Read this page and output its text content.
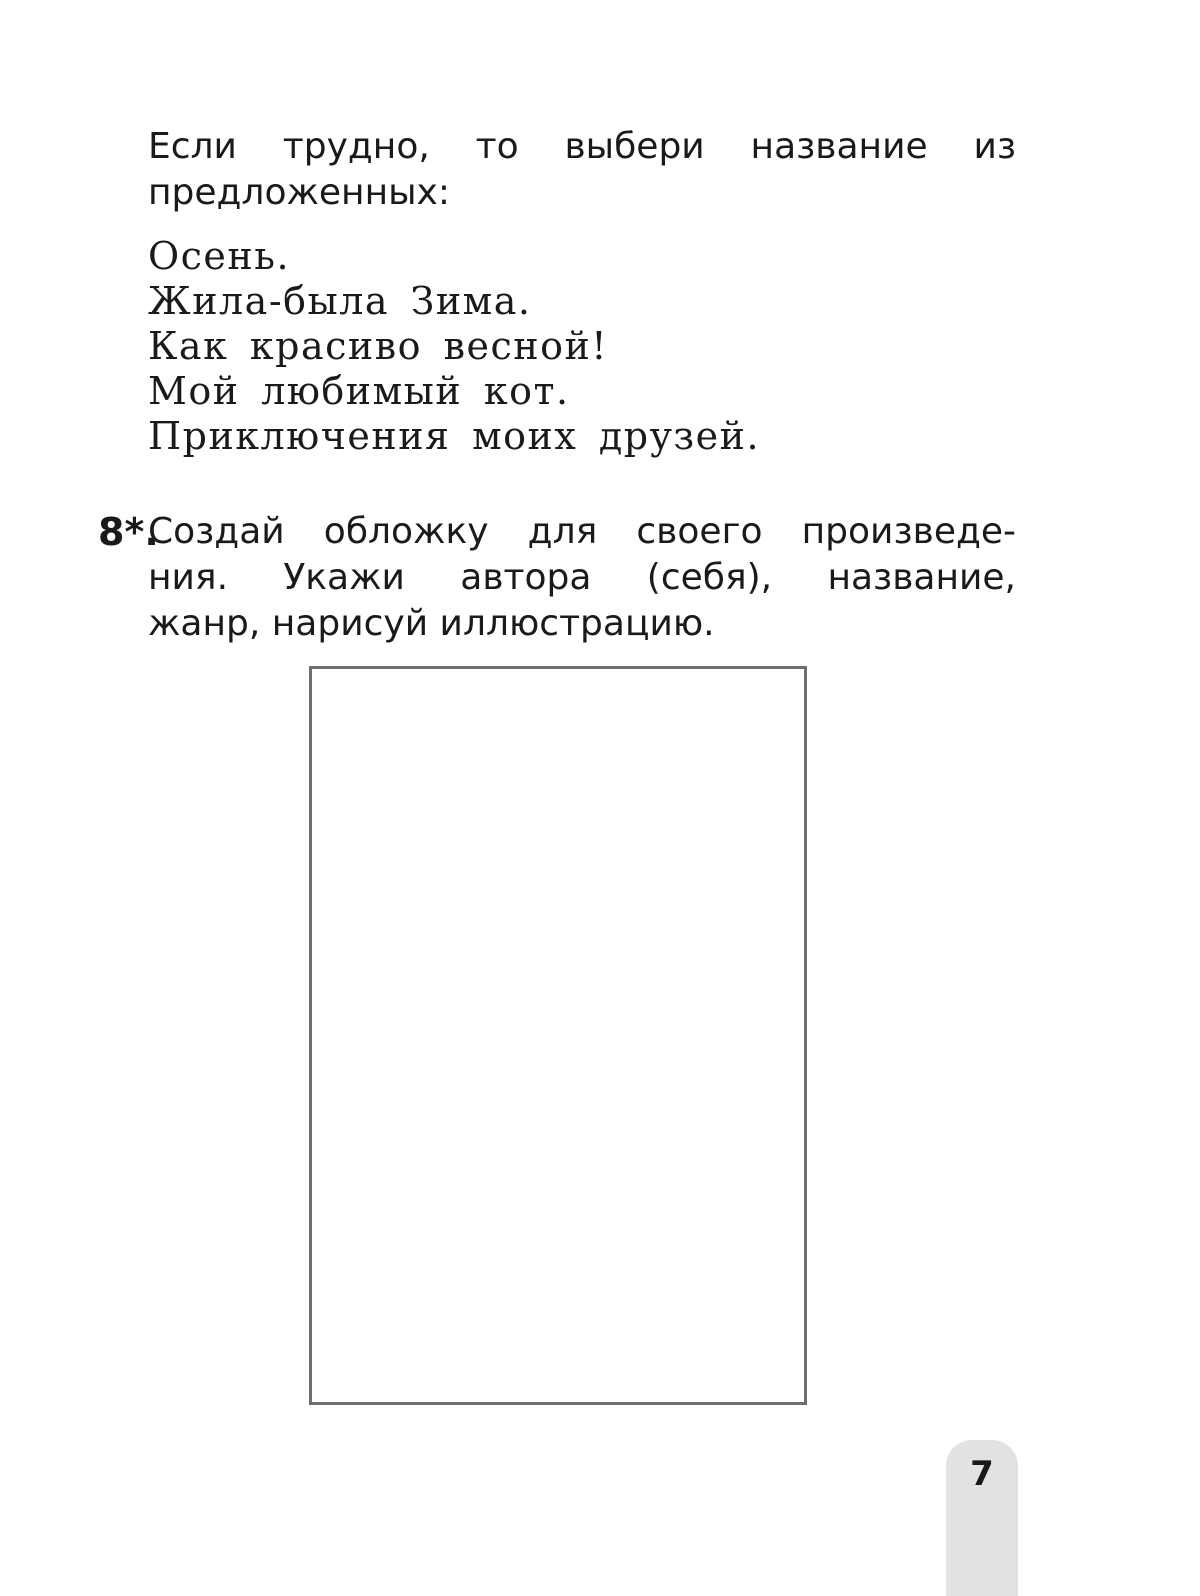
Если трудно, то выбери название из
предложенных:
Осень.
Жила-была Зима.
Как красиво весной!
Мой любимый кот.
Приключения моих друзей.
8*.
Создай обложку для своего произведе-
ния. Укажи автора (себя), название,
жанр, нарисуй иллюстрацию.
7
